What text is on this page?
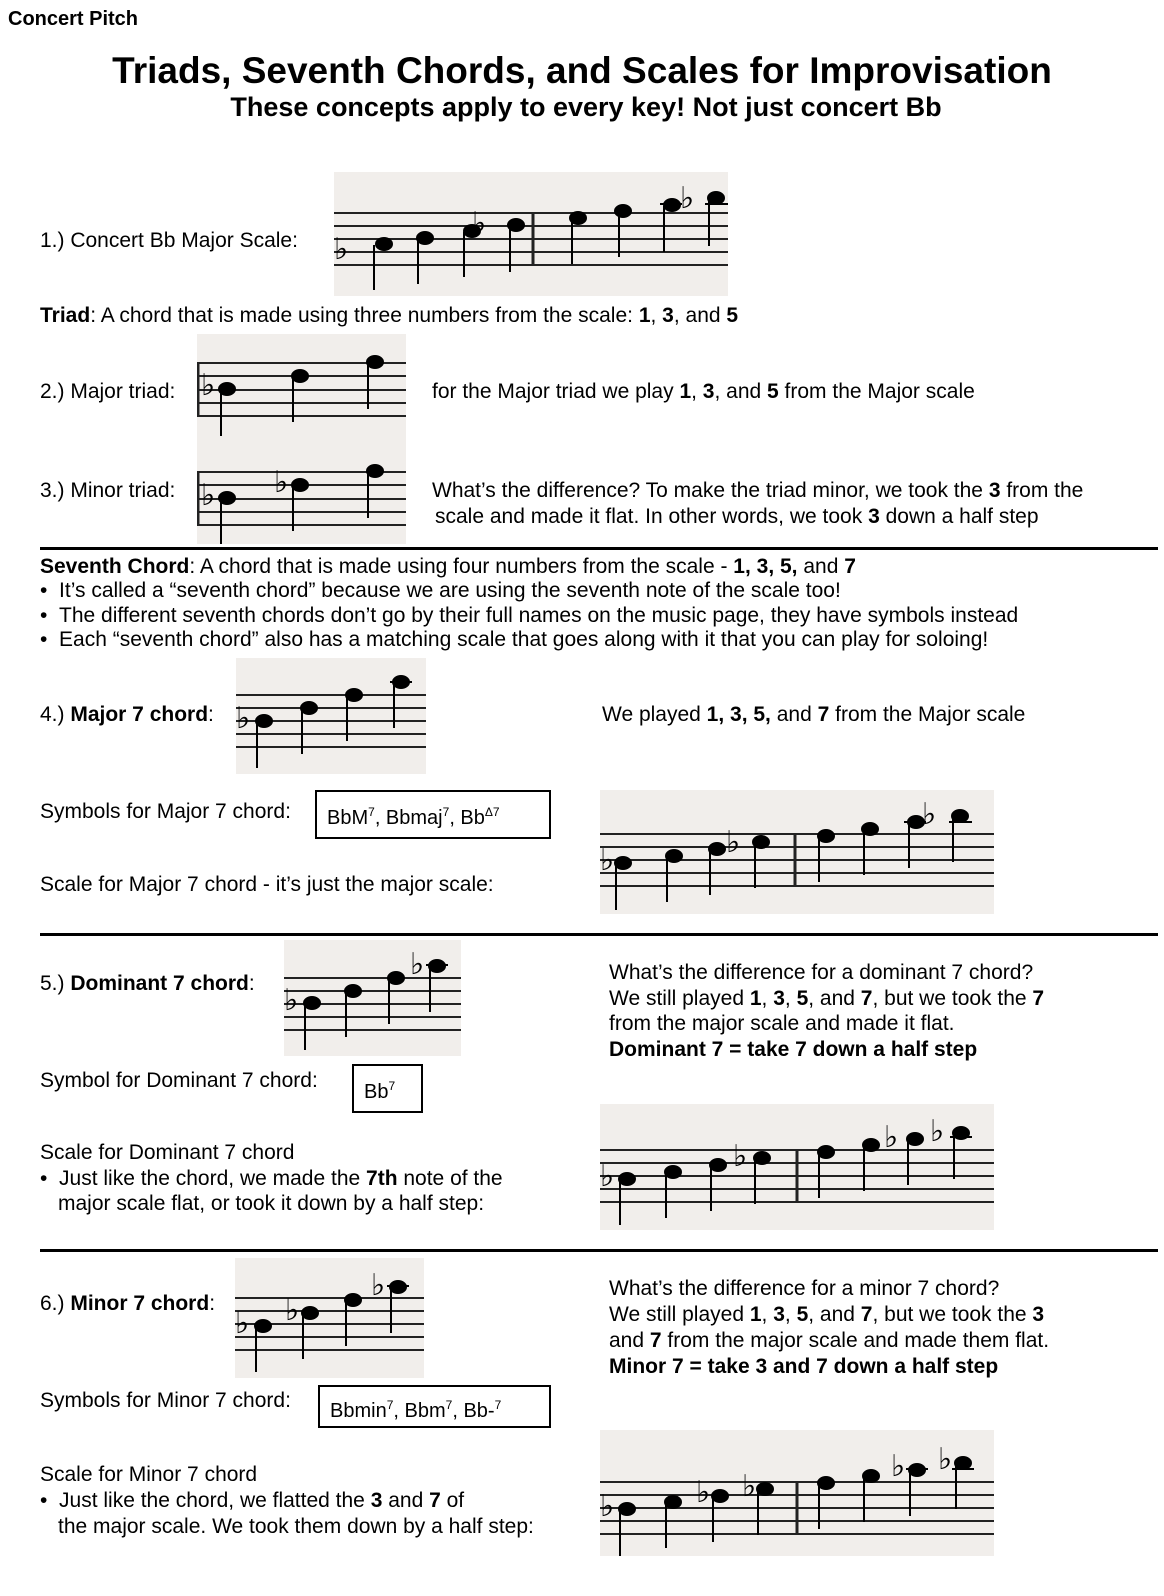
Concert Pitch
Triads, Seventh Chords, and Scales for Improvisation
These concepts apply to every key! Not just concert Bb
1.) Concert Bb Major Scale: ♭
♭
♭
Triad: A chord that is made using three numbers from the scale: 1, 3, and 5
♭
♭ ♭
2.) Major triad:	for the Major triad we play 1, 3, and 5 from the Major scale
3.) Minor triad:	What’s the difference? To make the triad minor, we took the 3 from the
scale and made it flat. In other words, we took 3 down a half step
Seventh Chord: A chord that is made using four numbers from the scale - 1, 3, 5, and 7
•  It’s called a “seventh chord” because we are using the seventh note of the scale too!
•  The different seventh chords don’t go by their full names on the music page, they have symbols instead
•  Each “seventh chord” also has a matching scale that goes along with it that you can play for soloing!
4.) Major 7 chord: ♭	We played 1, 3, 5, and 7 from the Major scale
Symbols for Major 7 chord:	BbM$^7$, Bbmaj$^7$, $Bb^{\Delta 7}$
Scale for Major 7 chord - it’s just the major scale:
♭
♭
♭
5.) Dominant 7 chord:
♭
♭	What’s the difference for a dominant 7 chord?
We still played 1, 3, 5, and 7, but we took the 7
from the major scale and made it flat.
Dominant 7 = take 7 down a half step
Symbol for Dominant 7 chord:	Bb$^7$
Scale for Dominant 7 chord
•  Just like the chord, we made the 7th note of the
major scale flat, or took it down by a half step:
♭
♭
♭ ♭
6.) Minor 7 chord:
♭ ♭
♭	What’s the difference for a minor 7 chord?
We still played 1, 3, 5, and 7, but we took the 3
and 7 from the major scale and made them flat.
Minor 7 = take 3 and 7 down a half step
Symbols for Minor 7 chord:	Bbmin$^7$, Bbm$^7$, Bb-$^7$
Scale for Minor 7 chord
•  Just like the chord, we flatted the 3 and 7 of
the major scale. We took them down by a half step:
♭	♭ ♭
♭ ♭
